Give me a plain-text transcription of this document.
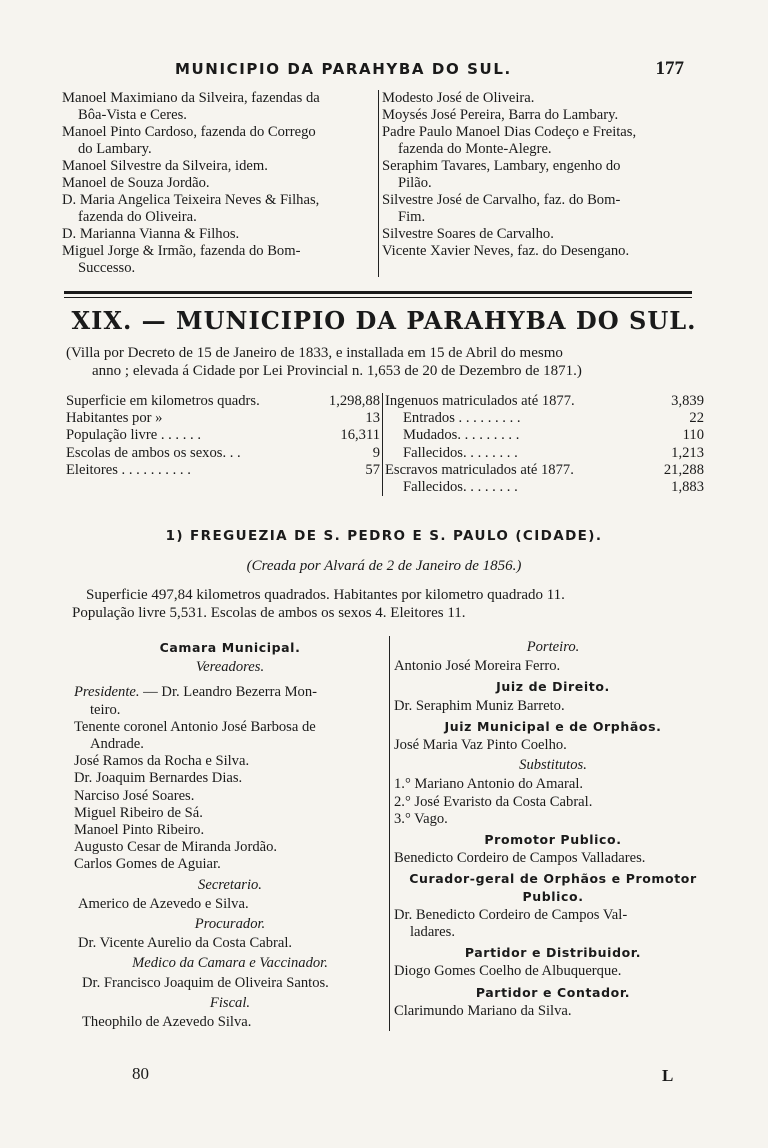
MUNICIPIO DA PARAHYBA DO SUL.	177
Manoel Maximiano da Silveira, fazendas da
Bôa-Vista e Ceres.
Manoel Pinto Cardoso, fazenda do Corrego
do Lambary.
Manoel Silvestre da Silveira, idem.
Manoel de Souza Jordão.
D. Maria Angelica Teixeira Neves & Filhas,
fazenda do Oliveira.
D. Marianna Vianna & Filhos.
Miguel Jorge & Irmão, fazenda do Bom-
Successo.
Modesto José de Oliveira.
Moysés José Pereira, Barra do Lambary.
Padre Paulo Manoel Dias Codeço e Freitas,
fazenda do Monte-Alegre.
Seraphim Tavares, Lambary, engenho do
Pilão.
Silvestre José de Carvalho, faz. do Bom-
Fim.
Silvestre Soares de Carvalho.
Vicente Xavier Neves, faz. do Desengano.
XIX. — MUNICIPIO DA PARAHYBA DO SUL.
(Villa por Decreto de 15 de Janeiro de 1833, e installada em 15 de Abril do mesmo
anno ; elevada á Cidade por Lei Provincial n. 1,653 de 20 de Dezembro de 1871.)
Superficie em kilometros quadrs.	1,298,88
Habitantes por »	13
População livre . . . . . .	16,311
Escolas de ambos os sexos. . .	9
Eleitores . . . . . . . . . .	57
Ingenuos matriculados até 1877.	3,839
Entrados . . . . . . . . .	22
Mudados. . . . . . . . .	110
Fallecidos. . . . . . . .	1,213
Escravos matriculados até 1877.	21,288
Fallecidos. . . . . . . .	1,883
1) FREGUEZIA DE S. PEDRO E S. PAULO (CIDADE).
(Creada por Alvará de 2 de Janeiro de 1856.)
Superficie 497,84 kilometros quadrados. Habitantes por kilometro quadrado 11.
População livre 5,531. Escolas de ambos os sexos 4. Eleitores 11.
Camara Municipal.
Vereadores.
Presidente. — Dr. Leandro Bezerra Mon-
teiro.
Tenente coronel Antonio José Barbosa de
Andrade.
José Ramos da Rocha e Silva.
Dr. Joaquim Bernardes Dias.
Narciso José Soares.
Miguel Ribeiro de Sá.
Manoel Pinto Ribeiro.
Augusto Cesar de Miranda Jordão.
Carlos Gomes de Aguiar.
Secretario.
Americo de Azevedo e Silva.
Procurador.
Dr. Vicente Aurelio da Costa Cabral.
Medico da Camara e Vaccinador.
Dr. Francisco Joaquim de Oliveira Santos.
Fiscal.
Theophilo de Azevedo Silva.
Porteiro.
Antonio José Moreira Ferro.
Juiz de Direito.
Dr. Seraphim Muniz Barreto.
Juiz Municipal e de Orphãos.
José Maria Vaz Pinto Coelho.
Substitutos.
1.° Mariano Antonio do Amaral.
2.° José Evaristo da Costa Cabral.
3.° Vago.
Promotor Publico.
Benedicto Cordeiro de Campos Valladares.
Curador-geral de Orphãos e Promotor
Publico.
Dr. Benedicto Cordeiro de Campos Val-
ladares.
Partidor e Distribuidor.
Diogo Gomes Coelho de Albuquerque.
Partidor e Contador.
Clarimundo Mariano da Silva.
80	L
